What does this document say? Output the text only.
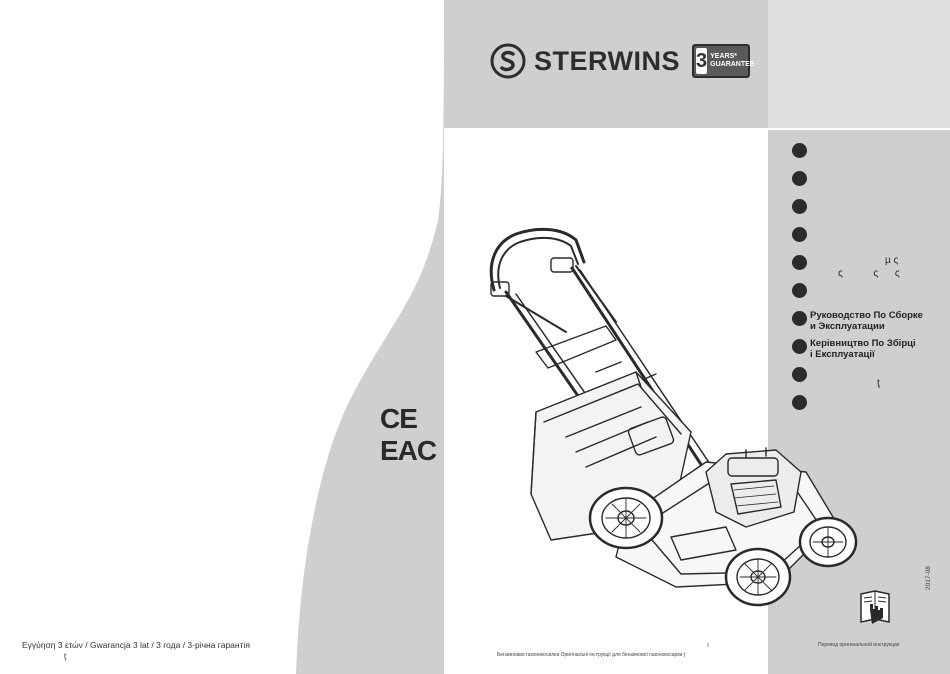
CE EAC
Εγγύηση 3 ετών / Gwarancja 3 lat / 3 года / 3-річна гарантія
ţ
STERWINS 3 YEARS*
GUARANTEE
µ ς
ς           ς      ς
Руководство По Сборке
и Эксплуатации
Керівництво По Збірці
і Експлуатації
ţ
Бензиновая газонокосилка Оригінальні інструкції для бензинової газонокосарки ţ
ı	Перевод оригинальной инструкции
2017-08
